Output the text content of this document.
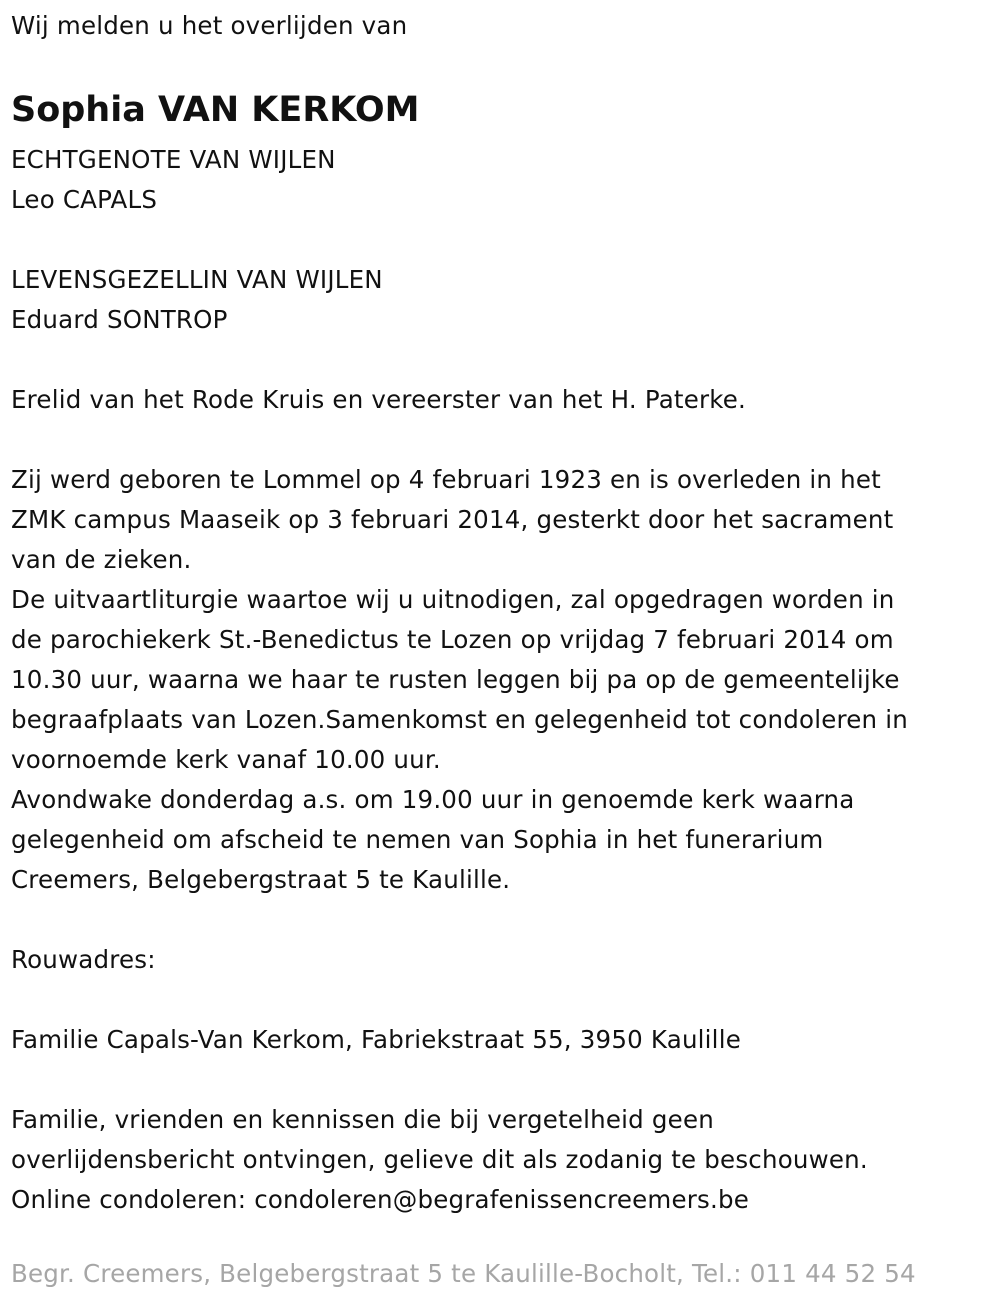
Wij melden u het overlijden van
Sophia VAN KERKOM
ECHTGENOTE VAN WIJLEN
Leo CAPALS
LEVENSGEZELLIN VAN WIJLEN
Eduard SONTROP
Erelid van het Rode Kruis en vereerster van het H. Paterke.
Zij werd geboren te Lommel op 4 februari 1923 en is overleden in het
ZMK campus Maaseik op 3 februari 2014, gesterkt door het sacrament
van de zieken.
De uitvaartliturgie waartoe wij u uitnodigen, zal opgedragen worden in
de parochiekerk St.-Benedictus te Lozen op vrijdag 7 februari 2014 om
10.30 uur, waarna we haar te rusten leggen bij pa op de gemeentelijke
begraafplaats van Lozen.Samenkomst en gelegenheid tot condoleren in
voornoemde kerk vanaf 10.00 uur.
Avondwake donderdag a.s. om 19.00 uur in genoemde kerk waarna
gelegenheid om afscheid te nemen van Sophia in het funerarium
Creemers, Belgebergstraat 5 te Kaulille.
Rouwadres:
Familie Capals-Van Kerkom, Fabriekstraat 55, 3950 Kaulille
Familie, vrienden en kennissen die bij vergetelheid geen
overlijdensbericht ontvingen, gelieve dit als zodanig te beschouwen.
Online condoleren: condoleren@begrafenissencreemers.be
Begr. Creemers, Belgebergstraat 5 te Kaulille-Bocholt, Tel.: 011 44 52 54
